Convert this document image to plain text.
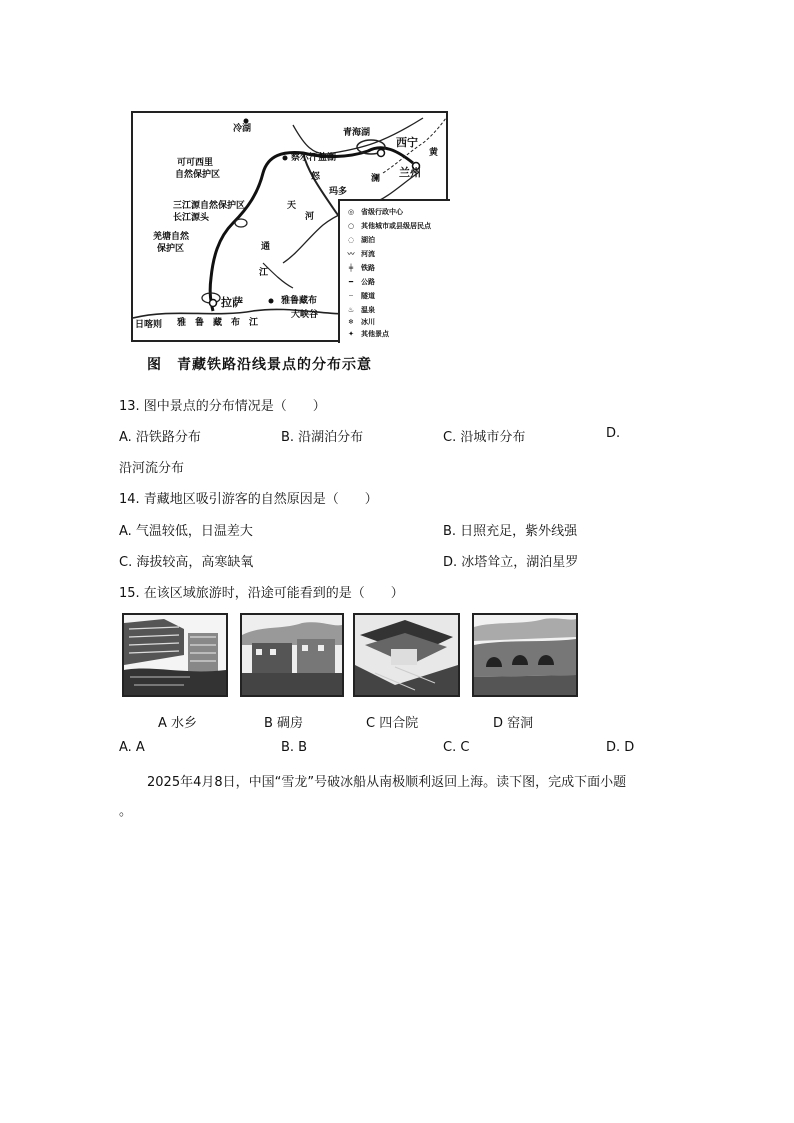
冷湖	青海湖
西宁
兰州
黄
察尔汗盐湖
可可西里
自然保护区
三江源自然保护区
长江源头
天
河
玛多
羌塘自然
保护区	通
江
怒	澜
拉萨	雅鲁藏布
大峡谷
日喀则 雅　鲁　藏　布　江
◎ 省级行政中心
○ 其他城市或县级居民点
◌ 湖泊
〰 河流
╪ 铁路
━ 公路
┈ 隧道
♨ 温泉
❄ 冰川
✦ 其他景点
图　青藏铁路沿线景点的分布示意
13. 图中景点的分布情况是（　　）
A. 沿铁路分布	B. 沿湖泊分布	C. 沿城市分布	D.
沿河流分布
14. 青藏地区吸引游客的自然原因是（　　）
A. 气温较低，日温差大	B. 日照充足，紫外线强
C. 海拔较高，高寒缺氧	D. 冰塔耸立，湖泊星罗
15. 在该区域旅游时，沿途可能看到的是（　　）
A 水乡	B 碉房	C 四合院	D 窑洞
A. A	B. B	C. C	D. D
2025年4月8日，中国“雪龙”号破冰船从南极顺利返回上海。读下图，完成下面小题
。
